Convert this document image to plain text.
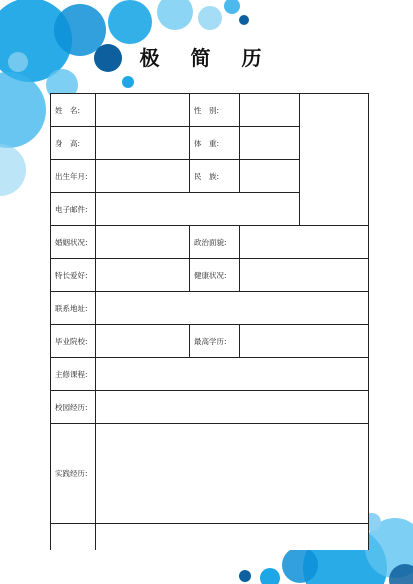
极 简 历
姓　名:		性　别:		
身　高:		体　重:		
出生年月:		民　族:		
电子邮件:				
婚姻状况:		政治面貌:		
特长爱好:		健康状况:		
联系地址:				
毕业院校:		最高学历:		
主修课程:				
校园经历:				
实践经历:				
